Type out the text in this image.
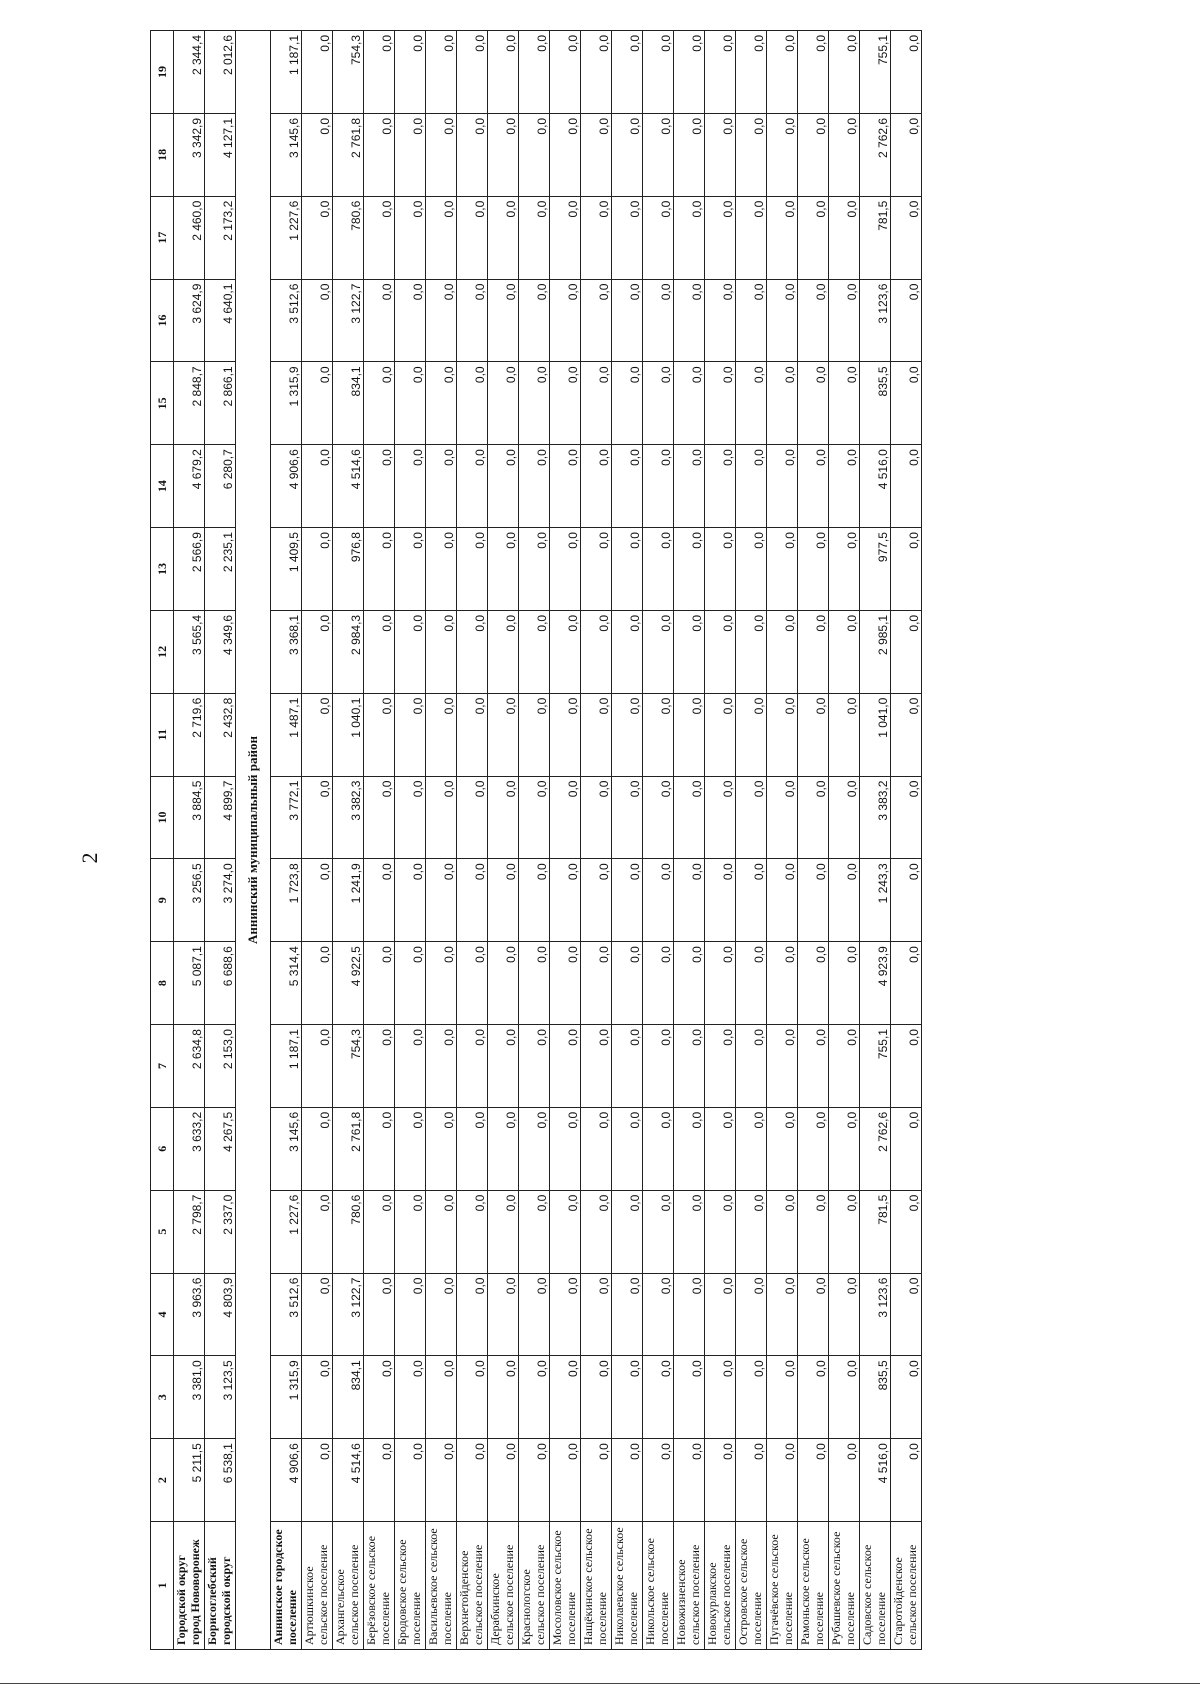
2
1	2	3	4	5	6	7	8	9	10	11	12	13	14	15	16	17	18	19
Городской округ город Нововоронеж	5 211,5	3 381,0	3 963,6	2 798,7	3 633,2	2 634,8	5 087,1	3 256,5	3 884,5	2 719,6	3 565,4	2 566,9	4 679,2	2 848,7	3 624,9	2 460,0	3 342,9	2 344,4
Борисоглебский городской округ	6 538,1	3 123,5	4 803,9	2 337,0	4 267,5	2 153,0	6 688,6	3 274,0	4 899,7	2 432,8	4 349,6	2 235,1	6 280,7	2 866,1	4 640,1	2 173,2	4 127,1	2 012,6
Аннинский муниципальный район																		
Аннинское городское поселение	4 906,6	1 315,9	3 512,6	1 227,6	3 145,6	1 187,1	5 314,4	1 723,8	3 772,1	1 487,1	3 368,1	1 409,5	4 906,6	1 315,9	3 512,6	1 227,6	3 145,6	1 187,1
Артюшкинское сельское поселение	0,0	0,0	0,0	0,0	0,0	0,0	0,0	0,0	0,0	0,0	0,0	0,0	0,0	0,0	0,0	0,0	0,0	0,0
Архангельское сельское поселение	4 514,6	834,1	3 122,7	780,6	2 761,8	754,3	4 922,5	1 241,9	3 382,3	1 040,1	2 984,3	976,8	4 514,6	834,1	3 122,7	780,6	2 761,8	754,3
Берёзовское сельское поселение	0,0	0,0	0,0	0,0	0,0	0,0	0,0	0,0	0,0	0,0	0,0	0,0	0,0	0,0	0,0	0,0	0,0	0,0
Бродовское сельское поселение	0,0	0,0	0,0	0,0	0,0	0,0	0,0	0,0	0,0	0,0	0,0	0,0	0,0	0,0	0,0	0,0	0,0	0,0
Васильевское сельское поселение	0,0	0,0	0,0	0,0	0,0	0,0	0,0	0,0	0,0	0,0	0,0	0,0	0,0	0,0	0,0	0,0	0,0	0,0
Верхнетойденское сельское поселение	0,0	0,0	0,0	0,0	0,0	0,0	0,0	0,0	0,0	0,0	0,0	0,0	0,0	0,0	0,0	0,0	0,0	0,0
Дерабкинское сельское поселение	0,0	0,0	0,0	0,0	0,0	0,0	0,0	0,0	0,0	0,0	0,0	0,0	0,0	0,0	0,0	0,0	0,0	0,0
Краснологское сельское поселение	0,0	0,0	0,0	0,0	0,0	0,0	0,0	0,0	0,0	0,0	0,0	0,0	0,0	0,0	0,0	0,0	0,0	0,0
Мосоловское сельское поселение	0,0	0,0	0,0	0,0	0,0	0,0	0,0	0,0	0,0	0,0	0,0	0,0	0,0	0,0	0,0	0,0	0,0	0,0
Нащёкинское сельское поселение	0,0	0,0	0,0	0,0	0,0	0,0	0,0	0,0	0,0	0,0	0,0	0,0	0,0	0,0	0,0	0,0	0,0	0,0
Николаевское сельское поселение	0,0	0,0	0,0	0,0	0,0	0,0	0,0	0,0	0,0	0,0	0,0	0,0	0,0	0,0	0,0	0,0	0,0	0,0
Никольское сельское поселение	0,0	0,0	0,0	0,0	0,0	0,0	0,0	0,0	0,0	0,0	0,0	0,0	0,0	0,0	0,0	0,0	0,0	0,0
Новожизненское сельское поселение	0,0	0,0	0,0	0,0	0,0	0,0	0,0	0,0	0,0	0,0	0,0	0,0	0,0	0,0	0,0	0,0	0,0	0,0
Новокурлакское сельское поселение	0,0	0,0	0,0	0,0	0,0	0,0	0,0	0,0	0,0	0,0	0,0	0,0	0,0	0,0	0,0	0,0	0,0	0,0
Островское сельское поселение	0,0	0,0	0,0	0,0	0,0	0,0	0,0	0,0	0,0	0,0	0,0	0,0	0,0	0,0	0,0	0,0	0,0	0,0
Пугачёвское сельское поселение	0,0	0,0	0,0	0,0	0,0	0,0	0,0	0,0	0,0	0,0	0,0	0,0	0,0	0,0	0,0	0,0	0,0	0,0
Рамоньское сельское поселение	0,0	0,0	0,0	0,0	0,0	0,0	0,0	0,0	0,0	0,0	0,0	0,0	0,0	0,0	0,0	0,0	0,0	0,0
Рубашевское сельское поселение	0,0	0,0	0,0	0,0	0,0	0,0	0,0	0,0	0,0	0,0	0,0	0,0	0,0	0,0	0,0	0,0	0,0	0,0
Садовское сельское поселение	4 516,0	835,5	3 123,6	781,5	2 762,6	755,1	4 923,9	1 243,3	3 383,2	1 041,0	2 985,1	977,5	4 516,0	835,5	3 123,6	781,5	2 762,6	755,1
Старотойденское сельское поселение	0,0	0,0	0,0	0,0	0,0	0,0	0,0	0,0	0,0	0,0	0,0	0,0	0,0	0,0	0,0	0,0	0,0	0,0
